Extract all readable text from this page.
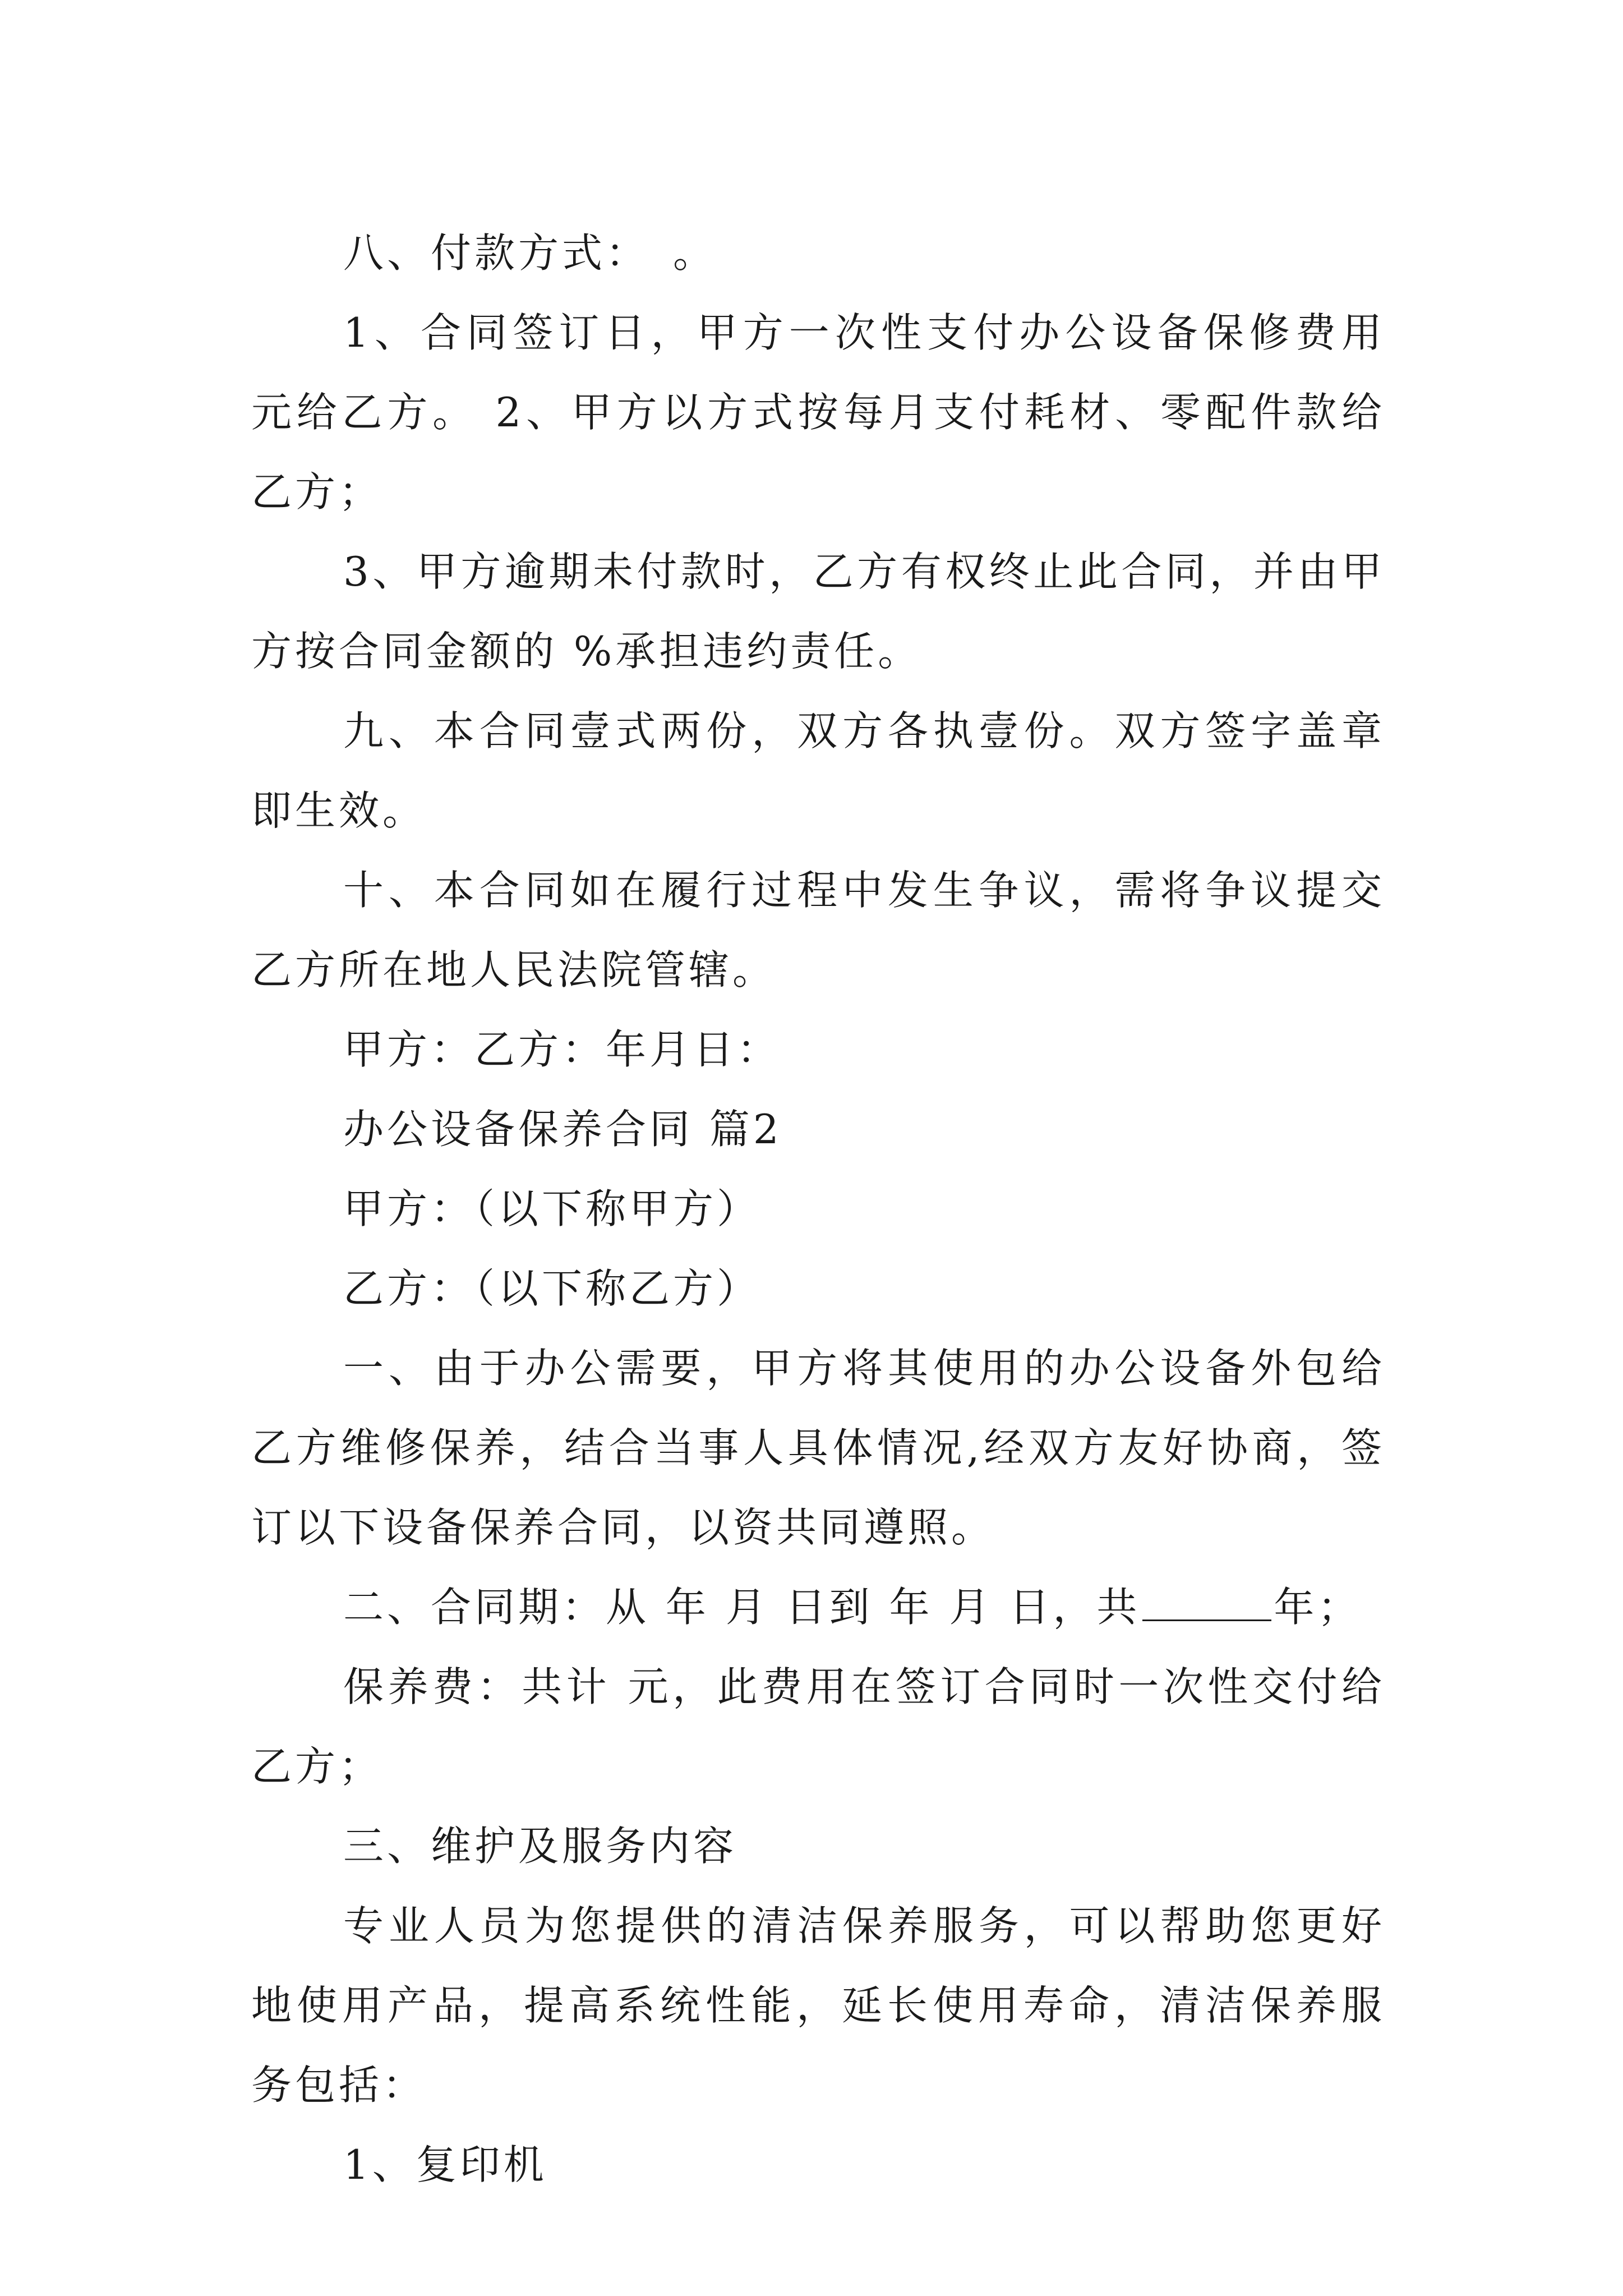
八、付款方式：　。

1、合同签订日，甲方一次性支付办公设备保修费用 元给乙方。 2、甲方以方式按每月支付耗材、零配件款给乙方；

3、甲方逾期未付款时，乙方有权终止此合同，并由甲方按合同金额的 %承担违约责任。

九、本合同壹式两份，双方各执壹份。双方签字盖章即生效。

十、本合同如在履行过程中发生争议，需将争议提交乙方所在地人民法院管辖。

甲方：乙方：年月日：

办公设备保养合同 篇2

甲方：（以下称甲方）

乙方：（以下称乙方）

一、由于办公需要，甲方将其使用的办公设备外包给乙方维修保养，结合当事人具体情况,经双方友好协商，签订以下设备保养合同，以资共同遵照。

二、合同期：从 年 月 日到 年 月 日，共	年；

保养费：共计 元，此费用在签订合同时一次性交付给乙方；

三、维护及服务内容

专业人员为您提供的清洁保养服务，可以帮助您更好地使用产品，提高系统性能，延长使用寿命，清洁保养服务包括：

1、复印机
